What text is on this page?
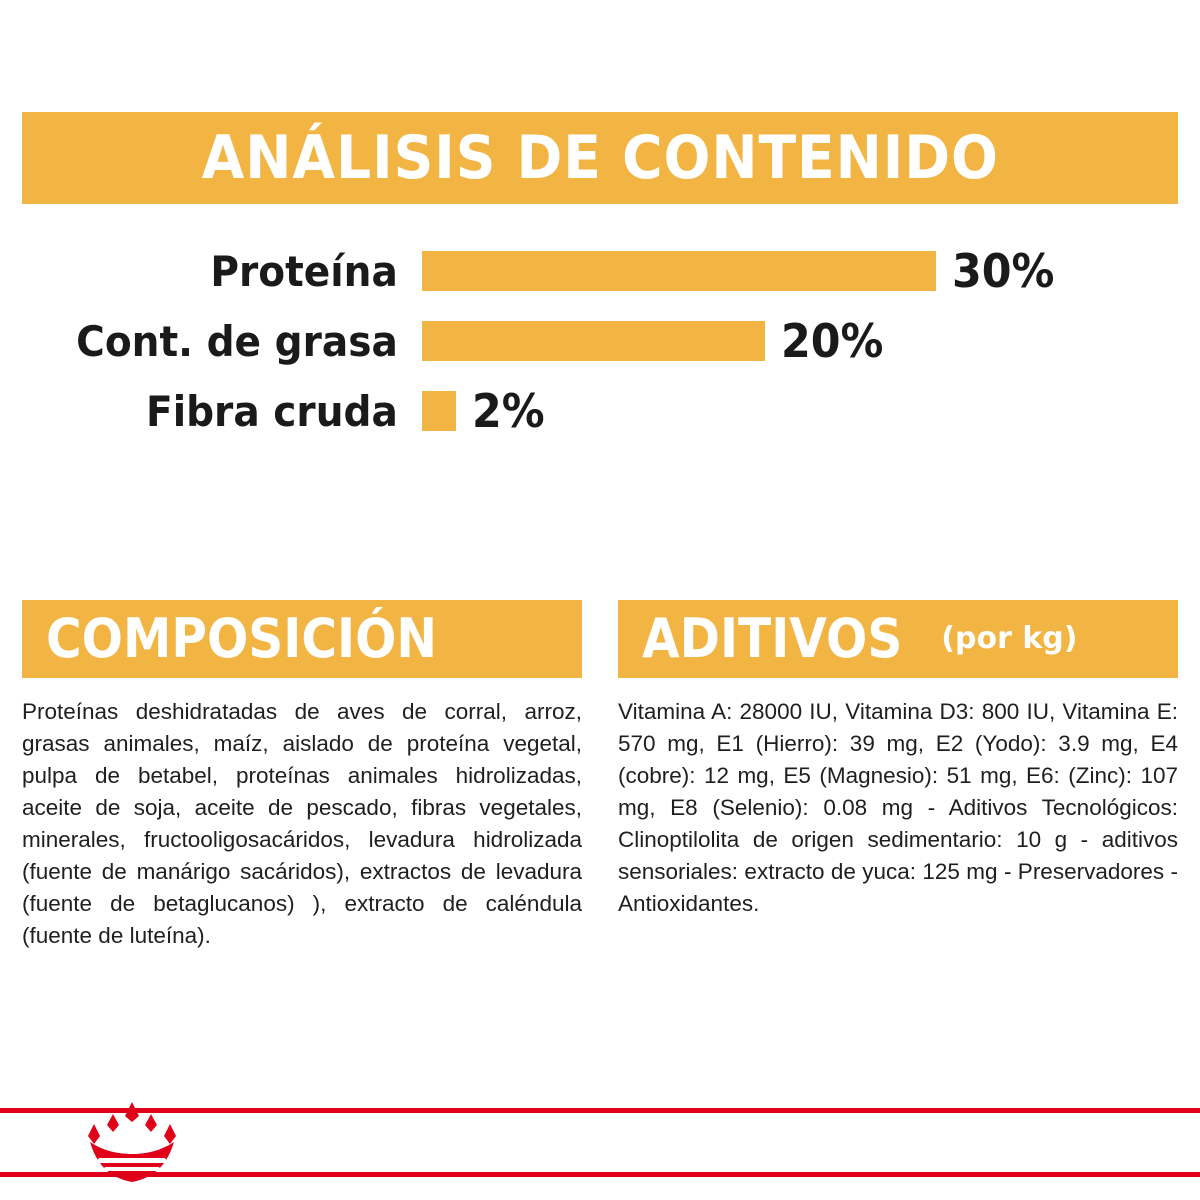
ANÁLISIS DE CONTENIDO
Proteína	30%
Cont. de grasa	20%
Fibra cruda	2%
COMPOSICIÓN
Proteínas deshidratadas de aves de corral, arroz, grasas animales, maíz, aislado de proteína vegetal, pulpa de betabel, proteínas animales hidrolizadas, aceite de soja, aceite de pescado, fibras vegetales, minerales, fructooligosacáridos, levadura hidrolizada (fuente de manárigo sacáridos), extractos de levadura (fuente de betaglucanos) ), extracto de caléndula (fuente de luteína).
ADITIVOS (por kg)
Vitamina A: 28000 IU, Vitamina D3: 800 IU, Vitamina E: 570 mg, E1 (Hierro): 39 mg, E2 (Yodo): 3.9 mg, E4 (cobre): 12 mg, E5 (Magnesio): 51 mg, E6: (Zinc): 107 mg, E8 (Selenio): 0.08 mg - Aditivos Tecnológicos: Clinoptilolita de origen sedimentario: 10 g - aditivos sensoriales: extracto de yuca: 125 mg - Preservadores - Antioxidantes.
